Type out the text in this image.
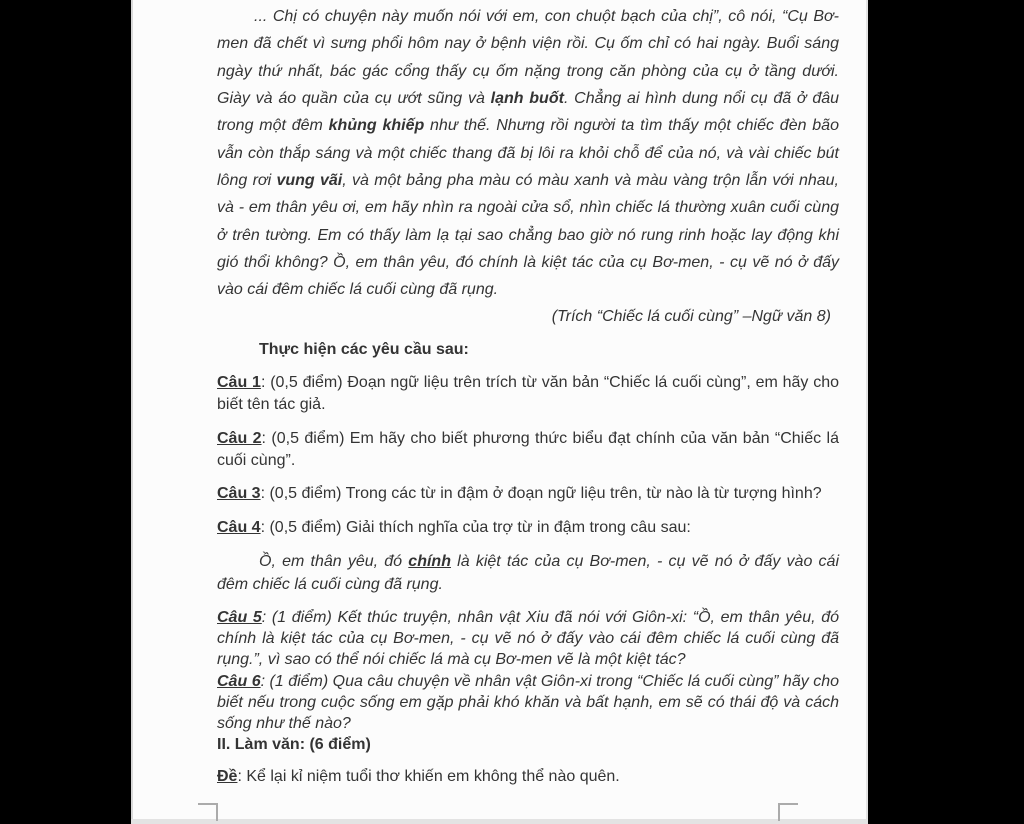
... Chị có chuyện này muốn nói với em, con chuột bạch của chị”, cô nói, “Cụ Bơ-men đã chết vì sưng phổi hôm nay ở bệnh viện rồi. Cụ ốm chỉ có hai ngày. Buổi sáng ngày thứ nhất, bác gác cổng thấy cụ ốm nặng trong căn phòng của cụ ở tầng dưới. Giày và áo quần của cụ ướt sũng và lạnh buốt. Chẳng ai hình dung nổi cụ đã ở đâu trong một đêm khủng khiếp như thế. Nhưng rồi người ta tìm thấy một chiếc đèn bão vẫn còn thắp sáng và một chiếc thang đã bị lôi ra khỏi chỗ để của nó, và vài chiếc bút lông rơi vung vãi, và một bảng pha màu có màu xanh và màu vàng trộn lẫn với nhau, và - em thân yêu ơi, em hãy nhìn ra ngoài cửa sổ, nhìn chiếc lá thường xuân cuối cùng ở trên tường. Em có thấy làm lạ tại sao chẳng bao giờ nó rung rinh hoặc lay động khi gió thổi không? Ồ, em thân yêu, đó chính là kiệt tác của cụ Bơ-men, - cụ vẽ nó ở đấy vào cái đêm chiếc lá cuối cùng đã rụng.

(Trích “Chiếc lá cuối cùng” –Ngữ văn 8)

Thực hiện các yêu cầu sau:

Câu 1: (0,5 điểm) Đoạn ngữ liệu trên trích từ văn bản “Chiếc lá cuối cùng”, em hãy cho biết tên tác giả.

Câu 2: (0,5 điểm) Em hãy cho biết phương thức biểu đạt chính của văn bản “Chiếc lá cuối cùng”.

Câu 3: (0,5 điểm) Trong các từ in đậm ở đoạn ngữ liệu trên, từ nào là từ tượng hình?

Câu 4: (0,5 điểm) Giải thích nghĩa của trợ từ in đậm trong câu sau:

Ồ, em thân yêu, đó chính là kiệt tác của cụ Bơ-men, - cụ vẽ nó ở đấy vào cái đêm chiếc lá cuối cùng đã rụng.

Câu 5: (1 điểm) Kết thúc truyện, nhân vật Xiu đã nói với Giôn-xi: “Ồ, em thân yêu, đó chính là kiệt tác của cụ Bơ-men, - cụ vẽ nó ở đấy vào cái đêm chiếc lá cuối cùng đã rụng.”, vì sao có thể nói chiếc lá mà cụ Bơ-men vẽ là một kiệt tác?

Câu 6: (1 điểm) Qua câu chuyện về nhân vật Giôn-xi trong “Chiếc lá cuối cùng” hãy cho biết nếu trong cuộc sống em gặp phải khó khăn và bất hạnh, em sẽ có thái độ và cách sống như thế nào?

II. Làm văn: (6 điểm)

Đề: Kể lại kỉ niệm tuổi thơ khiến em không thể nào quên.
